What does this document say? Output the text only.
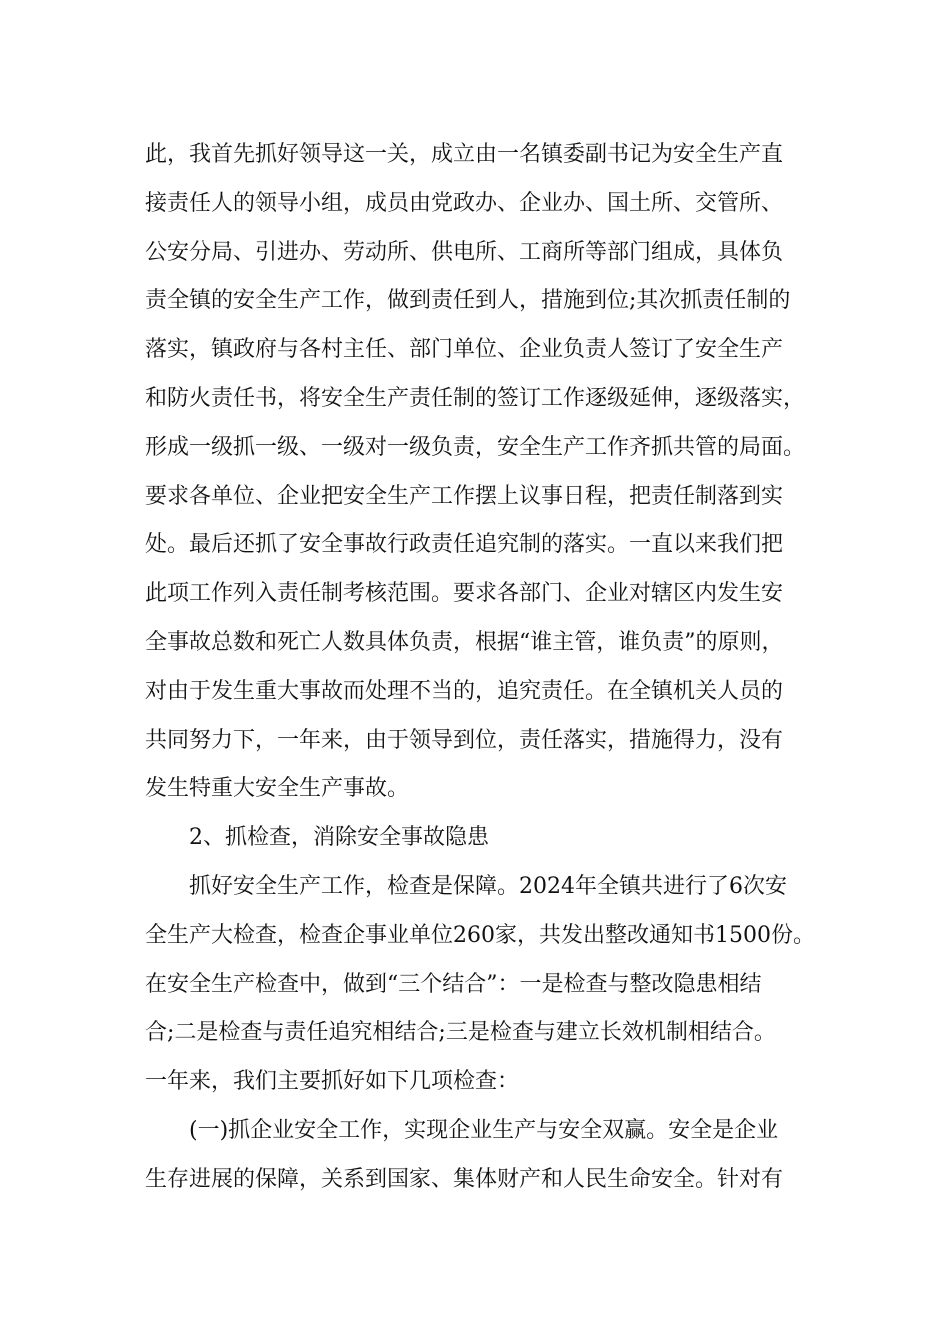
此，我首先抓好领导这一关，成立由一名镇委副书记为安全生产直
接责任人的领导小组，成员由党政办、企业办、国土所、交管所、
公安分局、引进办、劳动所、供电所、工商所等部门组成，具体负
责全镇的安全生产工作，做到责任到人，措施到位;其次抓责任制的
落实，镇政府与各村主任、部门单位、企业负责人签订了安全生产
和防火责任书，将安全生产责任制的签订工作逐级延伸，逐级落实，
形成一级抓一级、一级对一级负责，安全生产工作齐抓共管的局面。
要求各单位、企业把安全生产工作摆上议事日程，把责任制落到实
处。最后还抓了安全事故行政责任追究制的落实。一直以来我们把
此项工作列入责任制考核范围。要求各部门、企业对辖区内发生安
全事故总数和死亡人数具体负责，根据“谁主管，谁负责”的原则，
对由于发生重大事故而处理不当的，追究责任。在全镇机关人员的
共同努力下，一年来，由于领导到位，责任落实，措施得力，没有
发生特重大安全生产事故。
2、抓检查，消除安全事故隐患
抓好安全生产工作，检查是保障。2024年全镇共进行了6次安
全生产大检查，检查企事业单位260家，共发出整改通知书1500份。
在安全生产检查中，做到“三个结合”：一是检查与整改隐患相结
合;二是检查与责任追究相结合;三是检查与建立长效机制相结合。
一年来，我们主要抓好如下几项检查：
(一)抓企业安全工作，实现企业生产与安全双赢。安全是企业
生存进展的保障，关系到国家、集体财产和人民生命安全。针对有
